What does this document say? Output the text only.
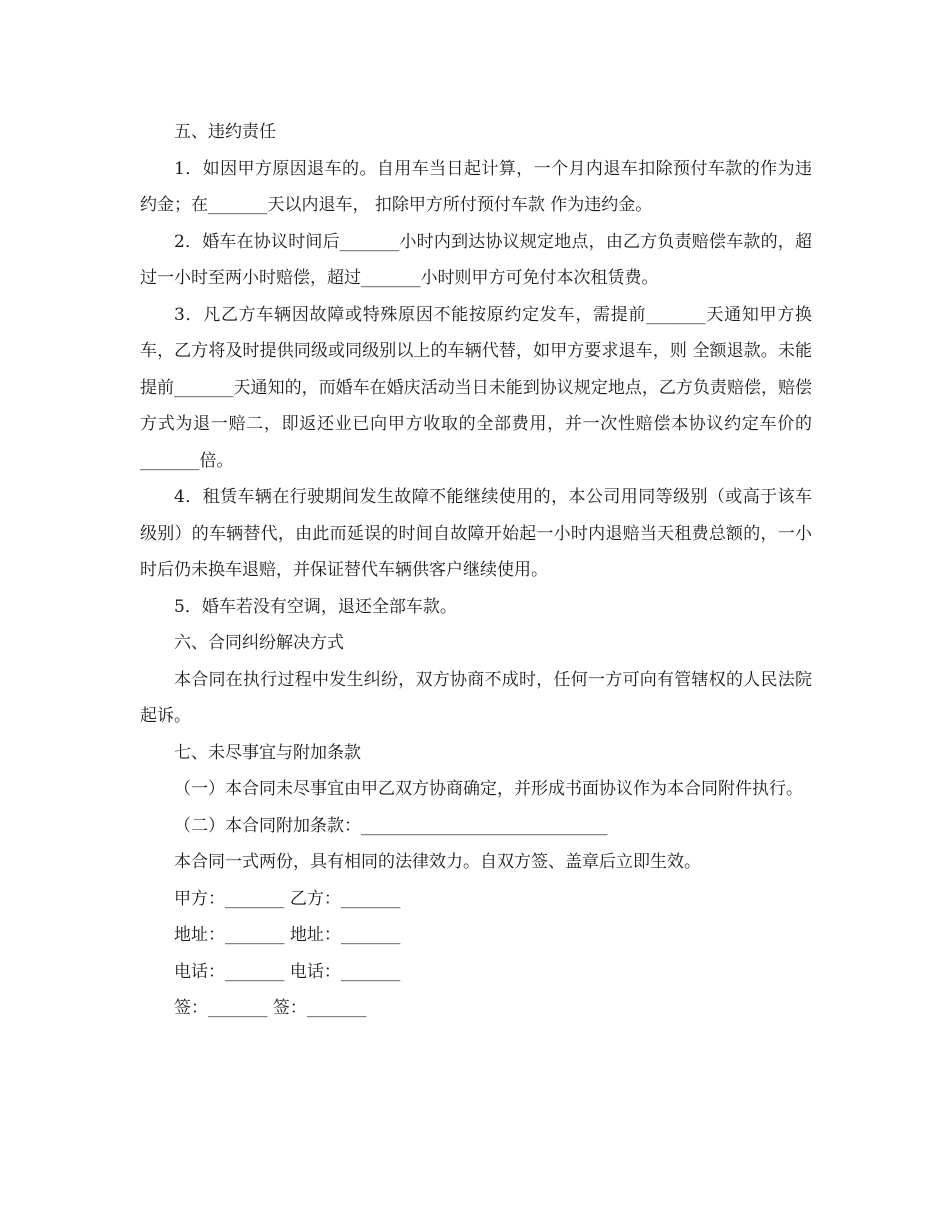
五、违约责任

1．如因甲方原因退车的。自用车当日起计算，一个月内退车扣除预付车款的作为违约金；在_______天以内退车， 扣除甲方所付预付车款 作为违约金。

2．婚车在协议时间后_______小时内到达协议规定地点，由乙方负责赔偿车款的，超过一小时至两小时赔偿，超过_______小时则甲方可免付本次租赁费。

3．凡乙方车辆因故障或特殊原因不能按原约定发车，需提前_______天通知甲方换车，乙方将及时提供同级或同级别以上的车辆代替，如甲方要求退车，则 全额退款。未能提前_______天通知的，而婚车在婚庆活动当日未能到协议规定地点，乙方负责赔偿，赔偿方式为退一赔二，即返还业已向甲方收取的全部费用，并一次性赔偿本协议约定车价的_______倍。

4．租赁车辆在行驶期间发生故障不能继续使用的，本公司用同等级别（或高于该车级别）的车辆替代，由此而延误的时间自故障开始起一小时内退赔当天租费总额的，一小时后仍未换车退赔，并保证替代车辆供客户继续使用。

5．婚车若没有空调，退还全部车款。

六、合同纠纷解决方式

本合同在执行过程中发生纠纷，双方协商不成时，任何一方可向有管辖权的人民法院起诉。

七、未尽事宜与附加条款

（一）本合同未尽事宜由甲乙双方协商确定，并形成书面协议作为本合同附件执行。

（二）本合同附加条款：_____________________________

本合同一式两份，具有相同的法律效力。自双方签、盖章后立即生效。

甲方：_______ 乙方：_______

地址：_______ 地址：_______

电话：_______ 电话：_______

签：_______ 签：_______
